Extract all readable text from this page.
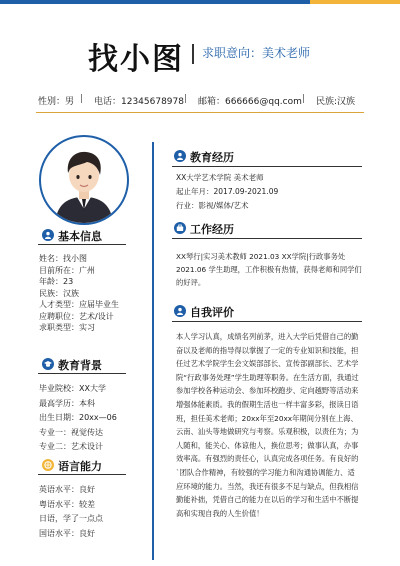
找小图 求职意向：美术老师
性别：男 | 电话：12345678978 | 邮箱：666666@qq.com | 民族:汉族
基本信息
姓名：找小图
目前所在：广州
年龄：23
民族：汉族
人才类型：应届毕业生
应聘职位：艺术/设计
求职类型：实习
教育背景
毕业院校：XX大学
最高学历：本科
出生日期：20xx—06
专业一：视觉传达
专业二：艺术设计
语言能力
英语水平：良好
粤语水平：较差
日语，学了一点点
国语水平：良好
教育经历
XX大学艺术学院 美术老师
起止年月：2017.09-2021.09
行业：影视/媒体/艺术
工作经历
XX琴行|实习美术教师 2021.03 XX学院|行政事务处 2021.06 学生助理，工作积极有热情，获得老师和同学们的好评。
自我评价
本人学习认真，成绩名列前茅，进入大学后凭借自己的勤奋以及老师的指导得以掌握了一定的专业知识和技能，担任过艺术学院学生会文娱部部长、宣传部副部长、艺术学院“行政事务处理”学生助理等职务。在生活方面，我通过参加学校各种运动会、参加环校跑步、定向越野等活动来增强体能素质。我的假期生活也一样丰富多彩，报读日语班，担任美术老师；20xx年至20xx年期间分别在上海、云南、汕头等地做研究与考察。乐观积极，以责任为；为人随和，能关心、体谅他人，换位思考；做事认真，办事效率高。有强烈的责任心，认真完成各项任务。有良好的`团队合作精神，有较强的学习能力和沟通协调能力、适应环境的能力。当然，我还有很多不足与缺点，但我相信勤能补拙，凭借自己的能力在以后的学习和生活中不断提高和实现自我的人生价值！
